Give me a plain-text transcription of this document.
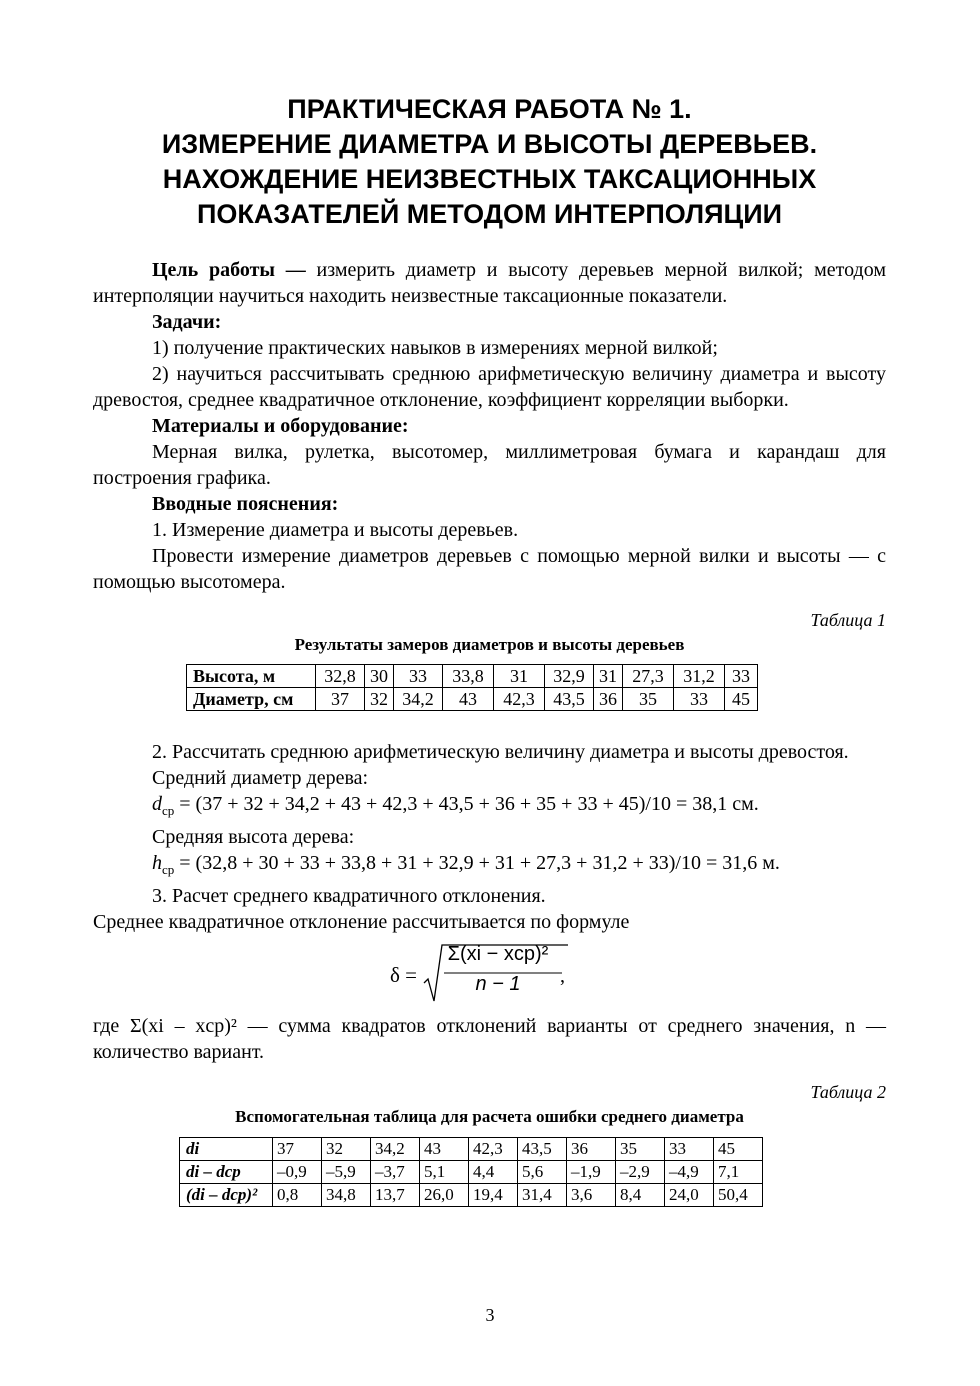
ПРАКТИЧЕСКАЯ РАБОТА № 1.

ИЗМЕРЕНИЕ ДИАМЕТРА И ВЫСОТЫ ДЕРЕВЬЕВ.

НАХОЖДЕНИЕ НЕИЗВЕСТНЫХ ТАКСАЦИОННЫХ

ПОКАЗАТЕЛЕЙ МЕТОДОМ ИНТЕРПОЛЯЦИИ

Цель работы — измерить диаметр и высоту деревьев мерной вилкой; методом интерполяции научиться находить неизвестные таксационные показатели.

Задачи:

1) получение практических навыков в измерениях мерной вилкой;

2) научиться рассчитывать среднюю арифметическую величину диаметра и высоту древостоя, среднее квадратичное отклонение, коэффициент корреляции выборки.

Материалы и оборудование:

Мерная вилка, рулетка, высотомер, миллиметровая бумага и карандаш для построения графика.

Вводные пояснения:

1. Измерение диаметра и высоты деревьев.

Провести измерение диаметров деревьев с помощью мерной вилки и высоты — с помощью высотомера.

Таблица 1

Результаты замеров диаметров и высоты деревьев

Высота, м	32,8	30	33	33,8	31	32,9	31	27,3	31,2	33
Диаметр, см	37	32	34,2	43	42,3	43,5	36	35	33	45

2. Рассчитать среднюю арифметическую величину диаметра и высоты древостоя.

Средний диаметр дерева:

$d_{ср} = (37 + 32 + 34,2 + 43 + 42,3 + 43,5 + 36 + 35 + 33 + 45)/10 = 38,1$ см.

Средняя высота дерева:

$h_{ср} = (32,8 + 30 + 33 + 33,8 + 31 + 32,9 + 31 + 27,3 + 31,2 + 33)/10 = 31,6$ м.

3. Расчет среднего квадратичного отклонения.

Среднее квадратичное отклонение рассчитывается по формуле

δ =
Σ(xi − xср)²
n − 1	,

где Σ(xi – xср)² — сумма квадратов отклонений варианты от среднего значения, n — количество вариант.

Таблица 2

Вспомогательная таблица для расчета ошибки среднего диаметра

di	37	32	34,2	43	42,3	43,5	36	35	33	45
di – dср	–0,9	–5,9	–3,7	5,1	4,4	5,6	–1,9	–2,9	–4,9	7,1
(di – dср)²	0,8	34,8	13,7	26,0	19,4	31,4	3,6	8,4	24,0	50,4
3
